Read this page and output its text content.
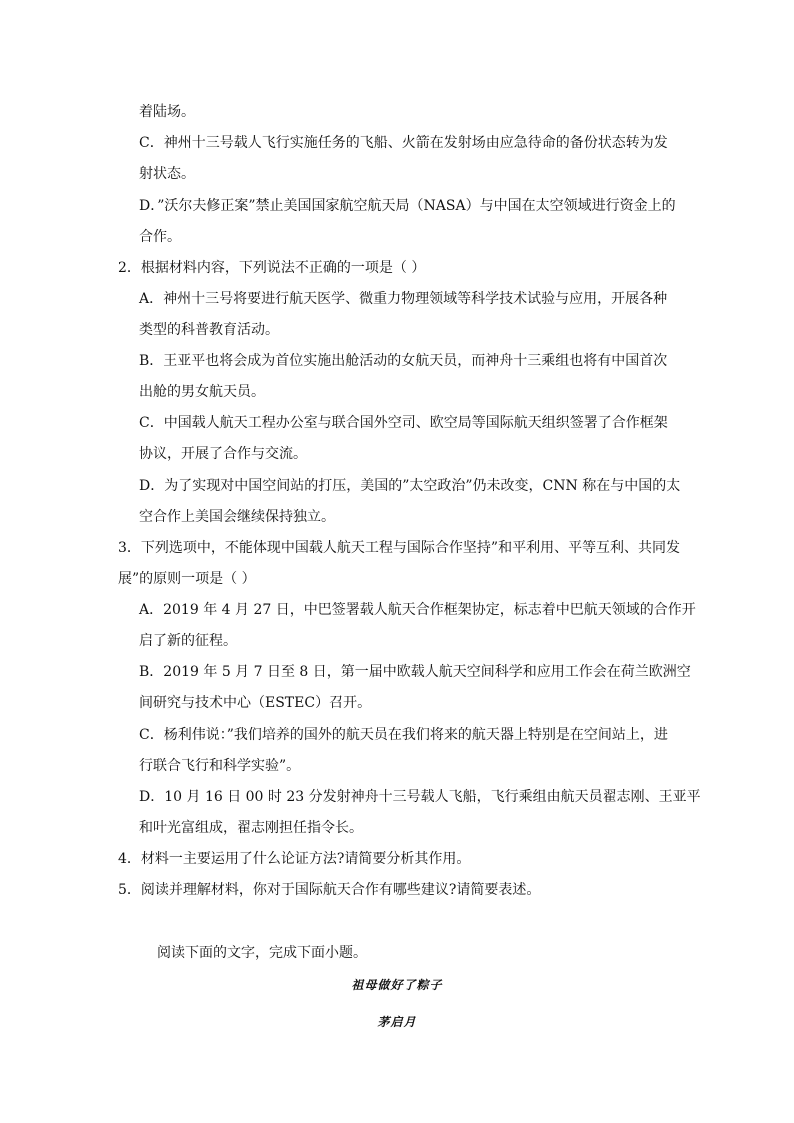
着陆场。
C．神州十三号载人飞行实施任务的飞船、火箭在发射场由应急待命的备份状态转为发
射状态。
D．”沃尔夫修正案”禁止美国国家航空航天局（NASA）与中国在太空领域进行资金上的
合作。
2．根据材料内容，下列说法不正确的一项是（ ）
A．神州十三号将要进行航天医学、微重力物理领域等科学技术试验与应用，开展各种
类型的科普教育活动。
B．王亚平也将会成为首位实施出舱活动的女航天员，而神舟十三乘组也将有中国首次
出舱的男女航天员。
C．中国载人航天工程办公室与联合国外空司、欧空局等国际航天组织签署了合作框架
协议，开展了合作与交流。
D．为了实现对中国空间站的打压，美国的”太空政治”仍未改变，CNN 称在与中国的太
空合作上美国会继续保持独立。
3．下列选项中，不能体现中国载人航天工程与国际合作坚持”和平利用、平等互利、共同发
展”的原则一项是（ ）
A．2019 年 4 月 27 日，中巴签署载人航天合作框架协定，标志着中巴航天领域的合作开
启了新的征程。
B．2019 年 5 月 7 日至 8 日，第一届中欧载人航天空间科学和应用工作会在荷兰欧洲空
间研究与技术中心（ESTEC）召开。
C．杨利伟说：”我们培养的国外的航天员在我们将来的航天器上特别是在空间站上，进
行联合飞行和科学实验”。
D．10 月 16 日 00 时 23 分发射神舟十三号载人飞船，飞行乘组由航天员翟志刚、王亚平
和叶光富组成，翟志刚担任指令长。
4．材料一主要运用了什么论证方法?请简要分析其作用。
5．阅读并理解材料，你对于国际航天合作有哪些建议?请简要表述。
阅读下面的文字，完成下面小题。
祖母做好了粽子
茅启月
